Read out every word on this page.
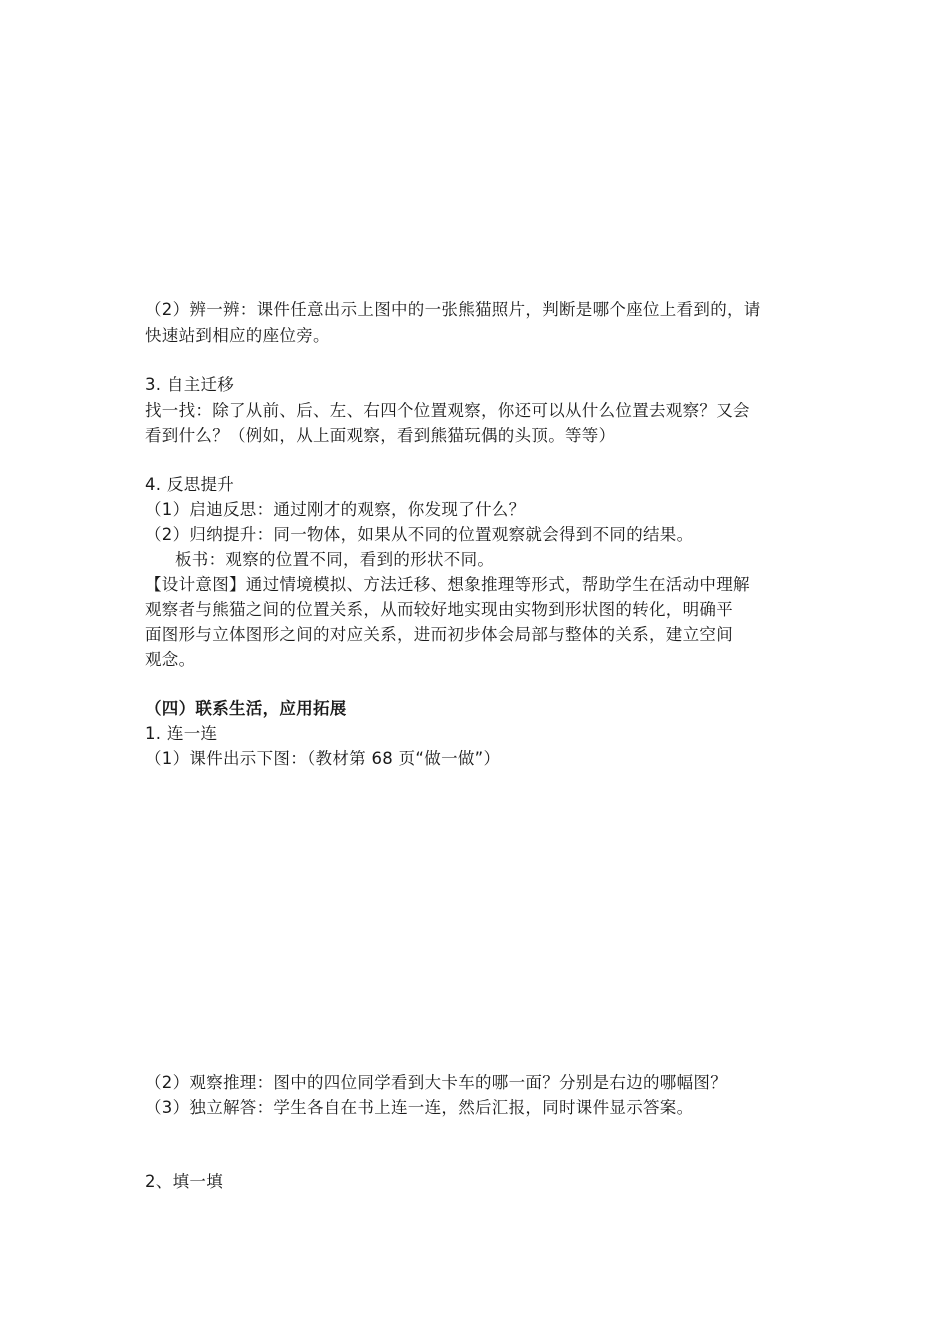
（2）辨一辨：课件任意出示上图中的一张熊猫照片，判断是哪个座位上看到的，请
快速站到相应的座位旁。
3. 自主迁移
找一找：除了从前、后、左、右四个位置观察，你还可以从什么位置去观察？又会
看到什么？（例如，从上面观察，看到熊猫玩偶的头顶。等等）
4. 反思提升
（1）启迪反思：通过刚才的观察，你发现了什么？
（2）归纳提升：同一物体，如果从不同的位置观察就会得到不同的结果。
板书：观察的位置不同，看到的形状不同。
【设计意图】通过情境模拟、方法迁移、想象推理等形式，帮助学生在活动中理解
观察者与熊猫之间的位置关系，从而较好地实现由实物到形状图的转化，明确平
面图形与立体图形之间的对应关系，进而初步体会局部与整体的关系，建立空间
观念。
（四）联系生活，应用拓展
1. 连一连
（1）课件出示下图：（教材第 68 页“做一做”）
（2）观察推理：图中的四位同学看到大卡车的哪一面？分别是右边的哪幅图？
（3）独立解答：学生各自在书上连一连，然后汇报，同时课件显示答案。
2、填一填
